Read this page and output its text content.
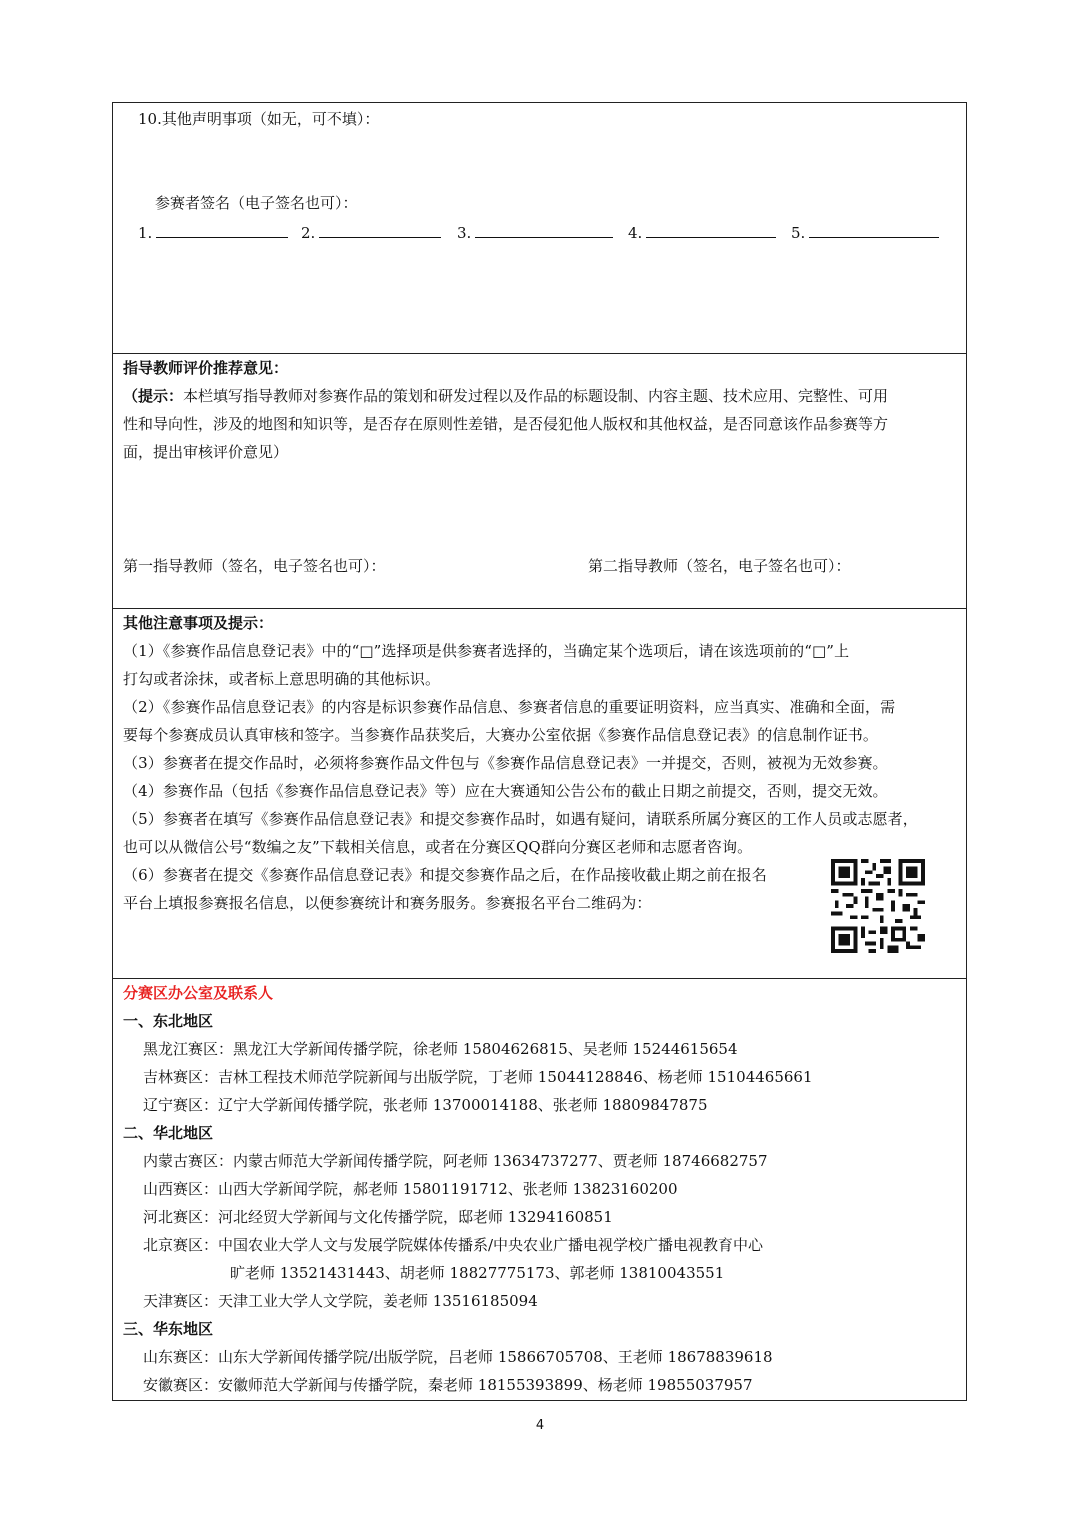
10.其他声明事项（如无，可不填）：
参赛者签名（电子签名也可）：
1.	2.	3.	4.	5.
指导教师评价推荐意见：
（提示：本栏填写指导教师对参赛作品的策划和研发过程以及作品的标题设制、内容主题、技术应用、完整性、可用
性和导向性，涉及的地图和知识等，是否存在原则性差错，是否侵犯他人版权和其他权益，是否同意该作品参赛等方
面，提出审核评价意见）
第一指导教师（签名，电子签名也可）：	第二指导教师（签名，电子签名也可）：
其他注意事项及提示：
（1）《参赛作品信息登记表》中的“□”选择项是供参赛者选择的，当确定某个选项后，请在该选项前的“□”上
打勾或者涂抹，或者标上意思明确的其他标识。
（2）《参赛作品信息登记表》的内容是标识参赛作品信息、参赛者信息的重要证明资料，应当真实、准确和全面，需
要每个参赛成员认真审核和签字。当参赛作品获奖后，大赛办公室依据《参赛作品信息登记表》的信息制作证书。
（3）参赛者在提交作品时，必须将参赛作品文件包与《参赛作品信息登记表》一并提交，否则，被视为无效参赛。
（4）参赛作品（包括《参赛作品信息登记表》等）应在大赛通知公告公布的截止日期之前提交，否则，提交无效。
（5）参赛者在填写《参赛作品信息登记表》和提交参赛作品时，如遇有疑问，请联系所属分赛区的工作人员或志愿者，
也可以从微信公号“数编之友”下载相关信息，或者在分赛区QQ群向分赛区老师和志愿者咨询。
（6）参赛者在提交《参赛作品信息登记表》和提交参赛作品之后，在作品接收截止期之前在报名
平台上填报参赛报名信息，以便参赛统计和赛务服务。参赛报名平台二维码为：
分赛区办公室及联系人
一、东北地区
黑龙江赛区：黑龙江大学新闻传播学院，徐老师 15804626815、吴老师 15244615654
吉林赛区：吉林工程技术师范学院新闻与出版学院，丁老师 15044128846、杨老师 15104465661
辽宁赛区：辽宁大学新闻传播学院，张老师 13700014188、张老师 18809847875
二、华北地区
内蒙古赛区：内蒙古师范大学新闻传播学院，阿老师 13634737277、贾老师 18746682757
山西赛区：山西大学新闻学院，郝老师 15801191712、张老师 13823160200
河北赛区：河北经贸大学新闻与文化传播学院，邸老师 13294160851
北京赛区：中国农业大学人文与发展学院媒体传播系/中央农业广播电视学校广播电视教育中心
旷老师 13521431443、胡老师 18827775173、郭老师 13810043551
天津赛区：天津工业大学人文学院，姜老师 13516185094
三、华东地区
山东赛区：山东大学新闻传播学院/出版学院，吕老师 15866705708、王老师 18678839618
安徽赛区：安徽师范大学新闻与传播学院，秦老师 18155393899、杨老师 19855037957
4
